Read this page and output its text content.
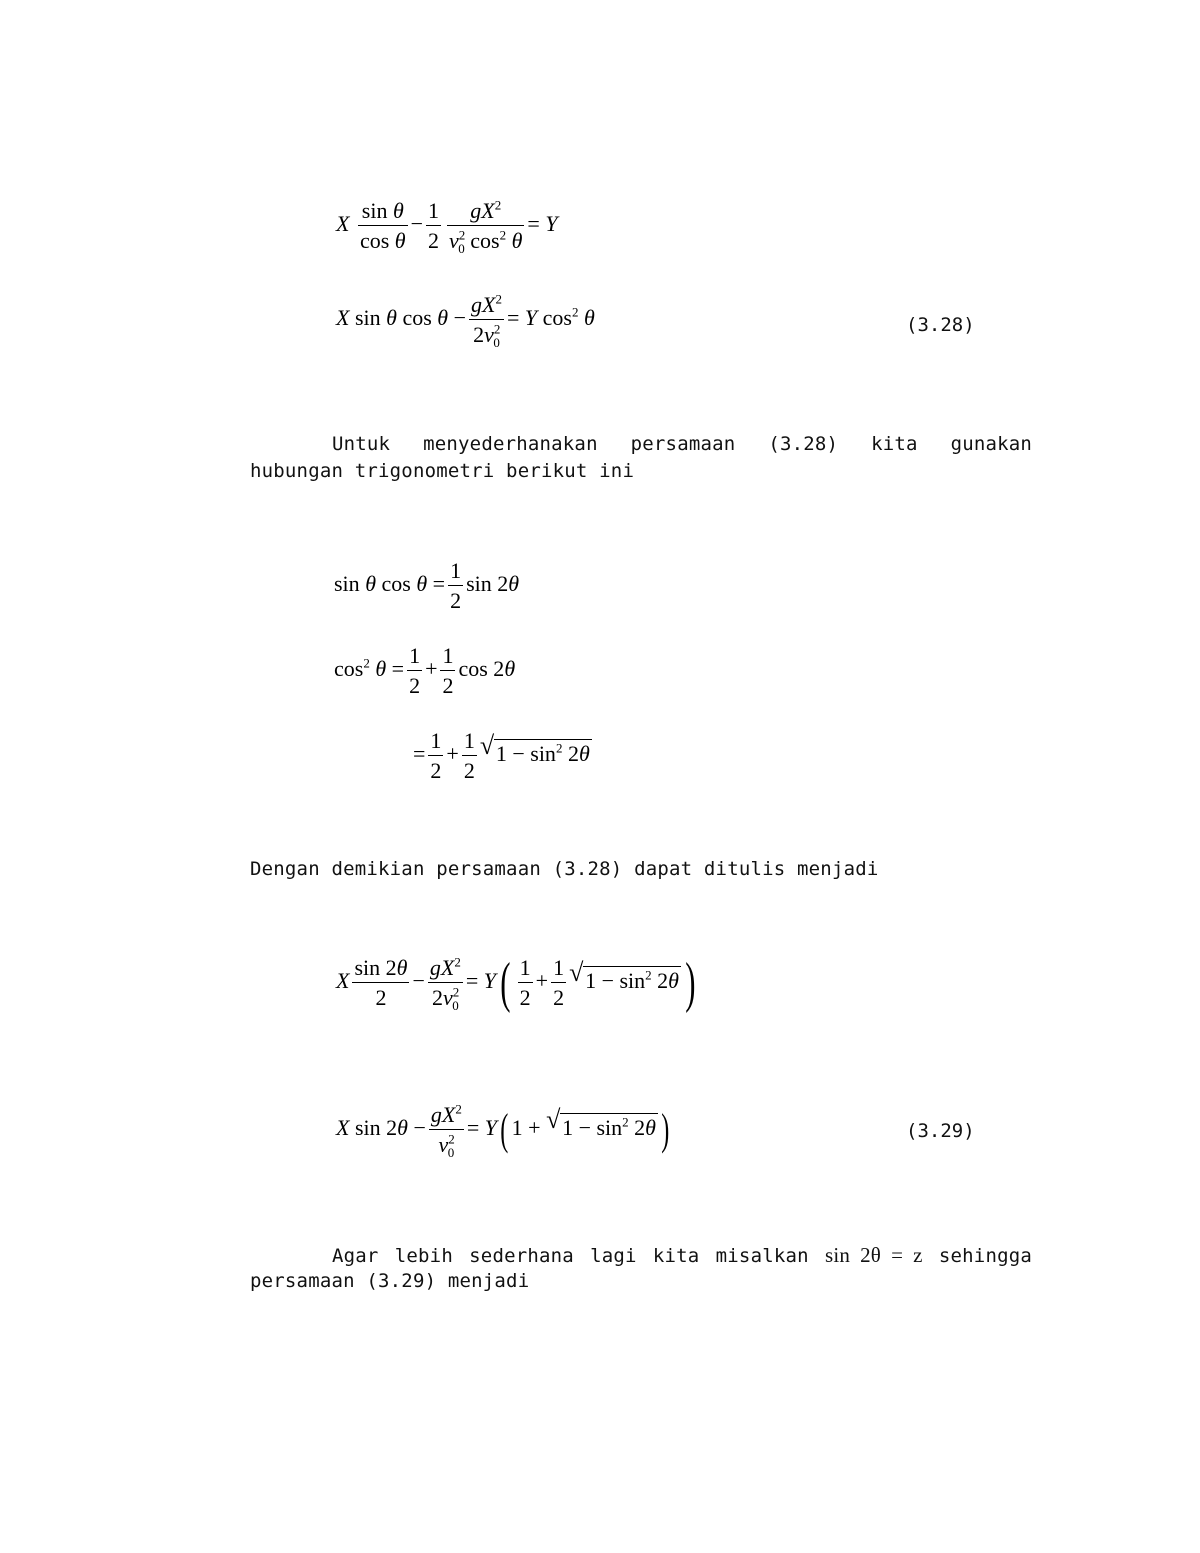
X $\frac{\text{sin θ}}{\text{cos θ}} - \frac{1}{2} \frac{gX^2}{v^2_0 \cos^2 \theta} = Y$
X sin θ $\cos \theta - \frac{gX^2}{2v^2_0} = Y$ $\cos^2 \theta$	(3.28)
Untuk menyederhanakan persamaan (3.28) kita gunakan
hubungan trigonometri berikut ini
sin θ $\cos \theta = \frac{1}{2}$ sin 2θ
$\cos^2 \theta = \frac{1}{2} + \frac{1}{2}$ cos 2θ
= $\frac{1}{2} + \frac{1}{2}$ √ $1 - \sin^2 2\theta$
Dengan demikian persamaan (3.28) dapat ditulis menjadi
X $\frac{\sin 2\theta}{2} - \frac{gX^2}{2v^2_0} = Y( \frac{1}{2} + \frac{1}{2}$ √ $1 - \sin^2 2\theta$ )
X $\sin 2\theta - \frac{gX^2}{v^2_0} = Y$( 1 + √ $1 - \sin^2 2\theta$ )	(3.29)
Agar lebih sederhana lagi kita misalkan sin 2θ = z sehingga
persamaan (3.29) menjadi
